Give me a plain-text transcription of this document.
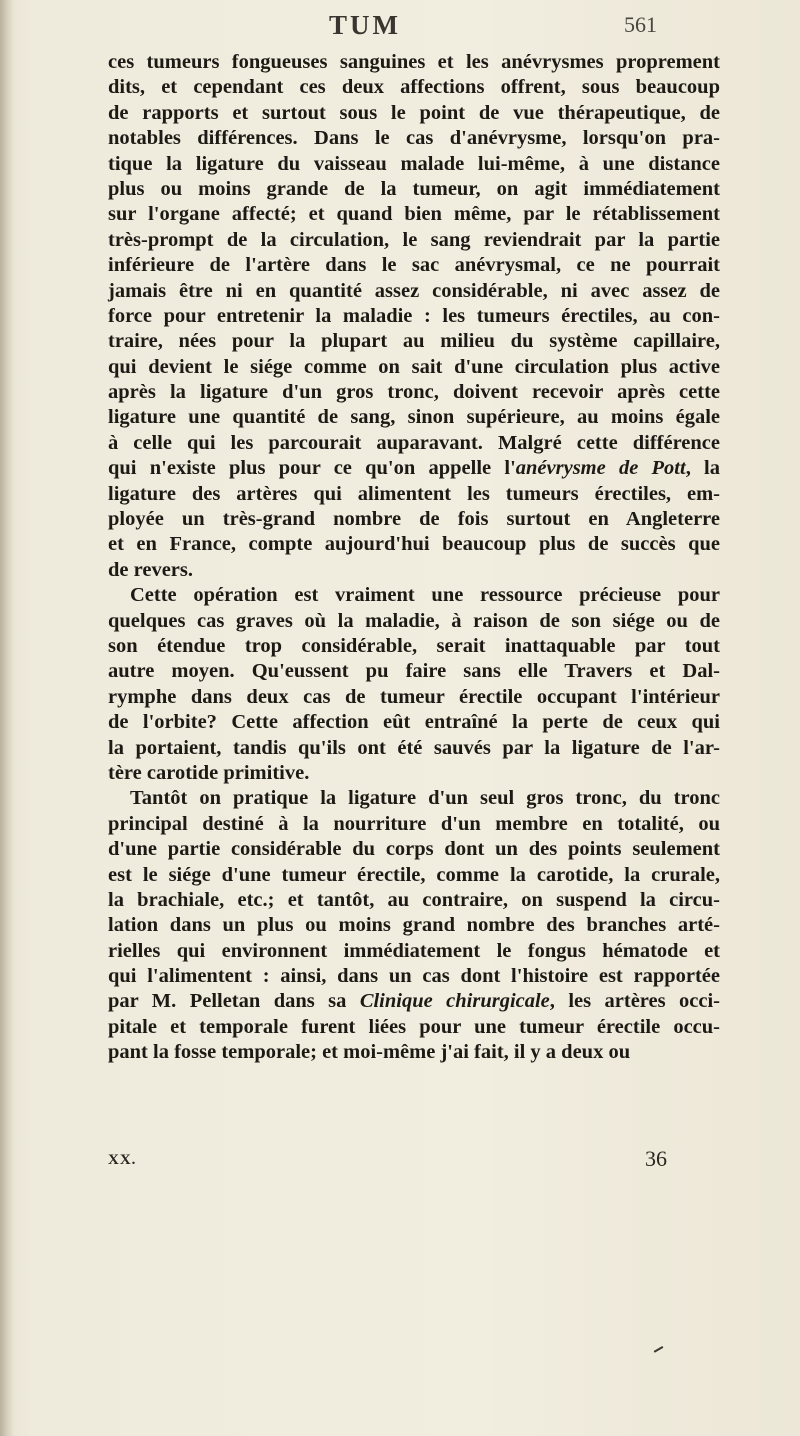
TUM	561
ces tumeurs fongueuses sanguines et les anévrysmes proprement
dits, et cependant ces deux affections offrent, sous beaucoup
de rapports et surtout sous le point de vue thérapeutique, de
notables différences. Dans le cas d'anévrysme, lorsqu'on pra-
tique la ligature du vaisseau malade lui-même, à une distance
plus ou moins grande de la tumeur, on agit immédiatement
sur l'organe affecté; et quand bien même, par le rétablissement
très-prompt de la circulation, le sang reviendrait par la partie
inférieure de l'artère dans le sac anévrysmal, ce ne pourrait
jamais être ni en quantité assez considérable, ni avec assez de
force pour entretenir la maladie : les tumeurs érectiles, au con-
traire, nées pour la plupart au milieu du système capillaire,
qui devient le siége comme on sait d'une circulation plus active
après la ligature d'un gros tronc, doivent recevoir après cette
ligature une quantité de sang, sinon supérieure, au moins égale
à celle qui les parcourait auparavant. Malgré cette différence
qui n'existe plus pour ce qu'on appelle l'anévrysme de Pott, la
ligature des artères qui alimentent les tumeurs érectiles, em-
ployée un très-grand nombre de fois surtout en Angleterre
et en France, compte aujourd'hui beaucoup plus de succès que
de revers.
Cette opération est vraiment une ressource précieuse pour
quelques cas graves où la maladie, à raison de son siége ou de
son étendue trop considérable, serait inattaquable par tout
autre moyen. Qu'eussent pu faire sans elle Travers et Dal-
rymphe dans deux cas de tumeur érectile occupant l'intérieur
de l'orbite? Cette affection eût entraîné la perte de ceux qui
la portaient, tandis qu'ils ont été sauvés par la ligature de l'ar-
tère carotide primitive.
Tantôt on pratique la ligature d'un seul gros tronc, du tronc
principal destiné à la nourriture d'un membre en totalité, ou
d'une partie considérable du corps dont un des points seulement
est le siége d'une tumeur érectile, comme la carotide, la crurale,
la brachiale, etc.; et tantôt, au contraire, on suspend la circu-
lation dans un plus ou moins grand nombre des branches arté-
rielles qui environnent immédiatement le fongus hématode et
qui l'alimentent : ainsi, dans un cas dont l'histoire est rapportée
par M. Pelletan dans sa Clinique chirurgicale, les artères occi-
pitale et temporale furent liées pour une tumeur érectile occu-
pant la fosse temporale; et moi-même j'ai fait, il y a deux ou
XX.	36
